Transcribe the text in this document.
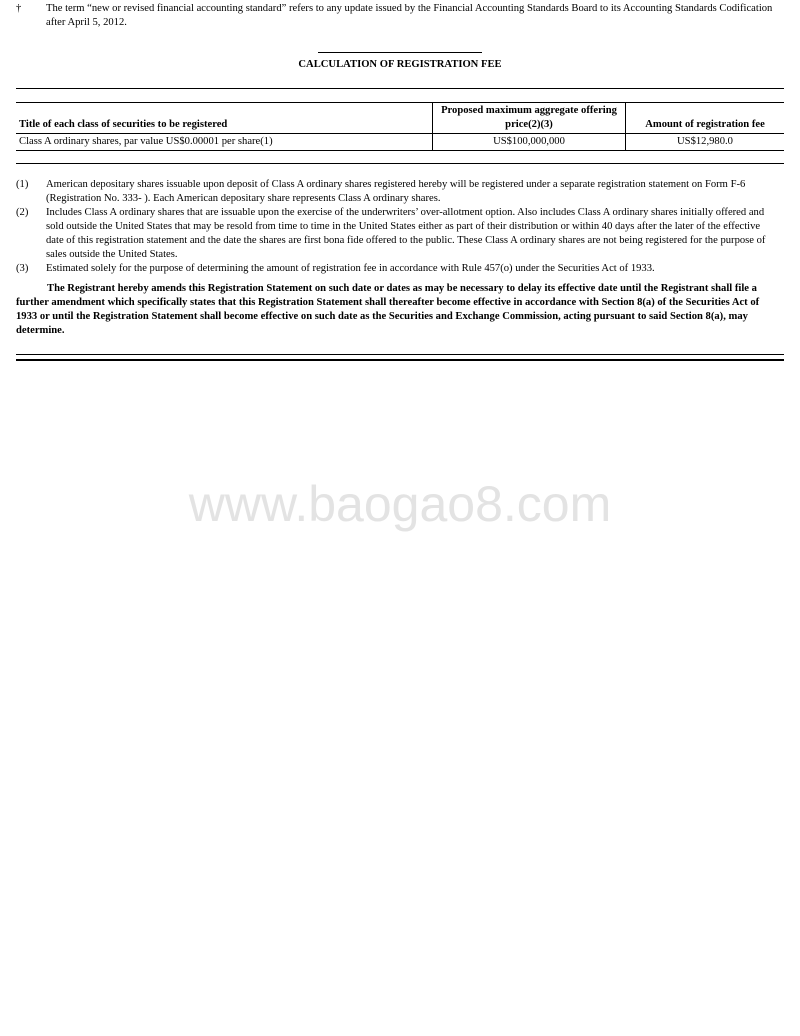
† The term “new or revised financial accounting standard” refers to any update issued by the Financial Accounting Standards Board to its Accounting Standards Codification after April 5, 2012.
CALCULATION OF REGISTRATION FEE
Title of each class of securities to be registered	Proposed maximum aggregate offering price(2)(3)	Amount of registration fee
Class A ordinary shares, par value US$0.00001 per share(1)	US$100,000,000	US$12,980.0
(1) American depositary shares issuable upon deposit of Class A ordinary shares registered hereby will be registered under a separate registration statement on Form F-6 (Registration No. 333- ). Each American depositary share represents Class A ordinary shares.
(2) Includes Class A ordinary shares that are issuable upon the exercise of the underwriters’ over-allotment option. Also includes Class A ordinary shares initially offered and sold outside the United States that may be resold from time to time in the United States either as part of their distribution or within 40 days after the later of the effective date of this registration statement and the date the shares are first bona fide offered to the public. These Class A ordinary shares are not being registered for the purpose of sales outside the United States.
(3) Estimated solely for the purpose of determining the amount of registration fee in accordance with Rule 457(o) under the Securities Act of 1933.
The Registrant hereby amends this Registration Statement on such date or dates as may be necessary to delay its effective date until the Registrant shall file a further amendment which specifically states that this Registration Statement shall thereafter become effective in accordance with Section 8(a) of the Securities Act of 1933 or until the Registration Statement shall become effective on such date as the Securities and Exchange Commission, acting pursuant to said Section 8(a), may determine.
www.baogao8.com
